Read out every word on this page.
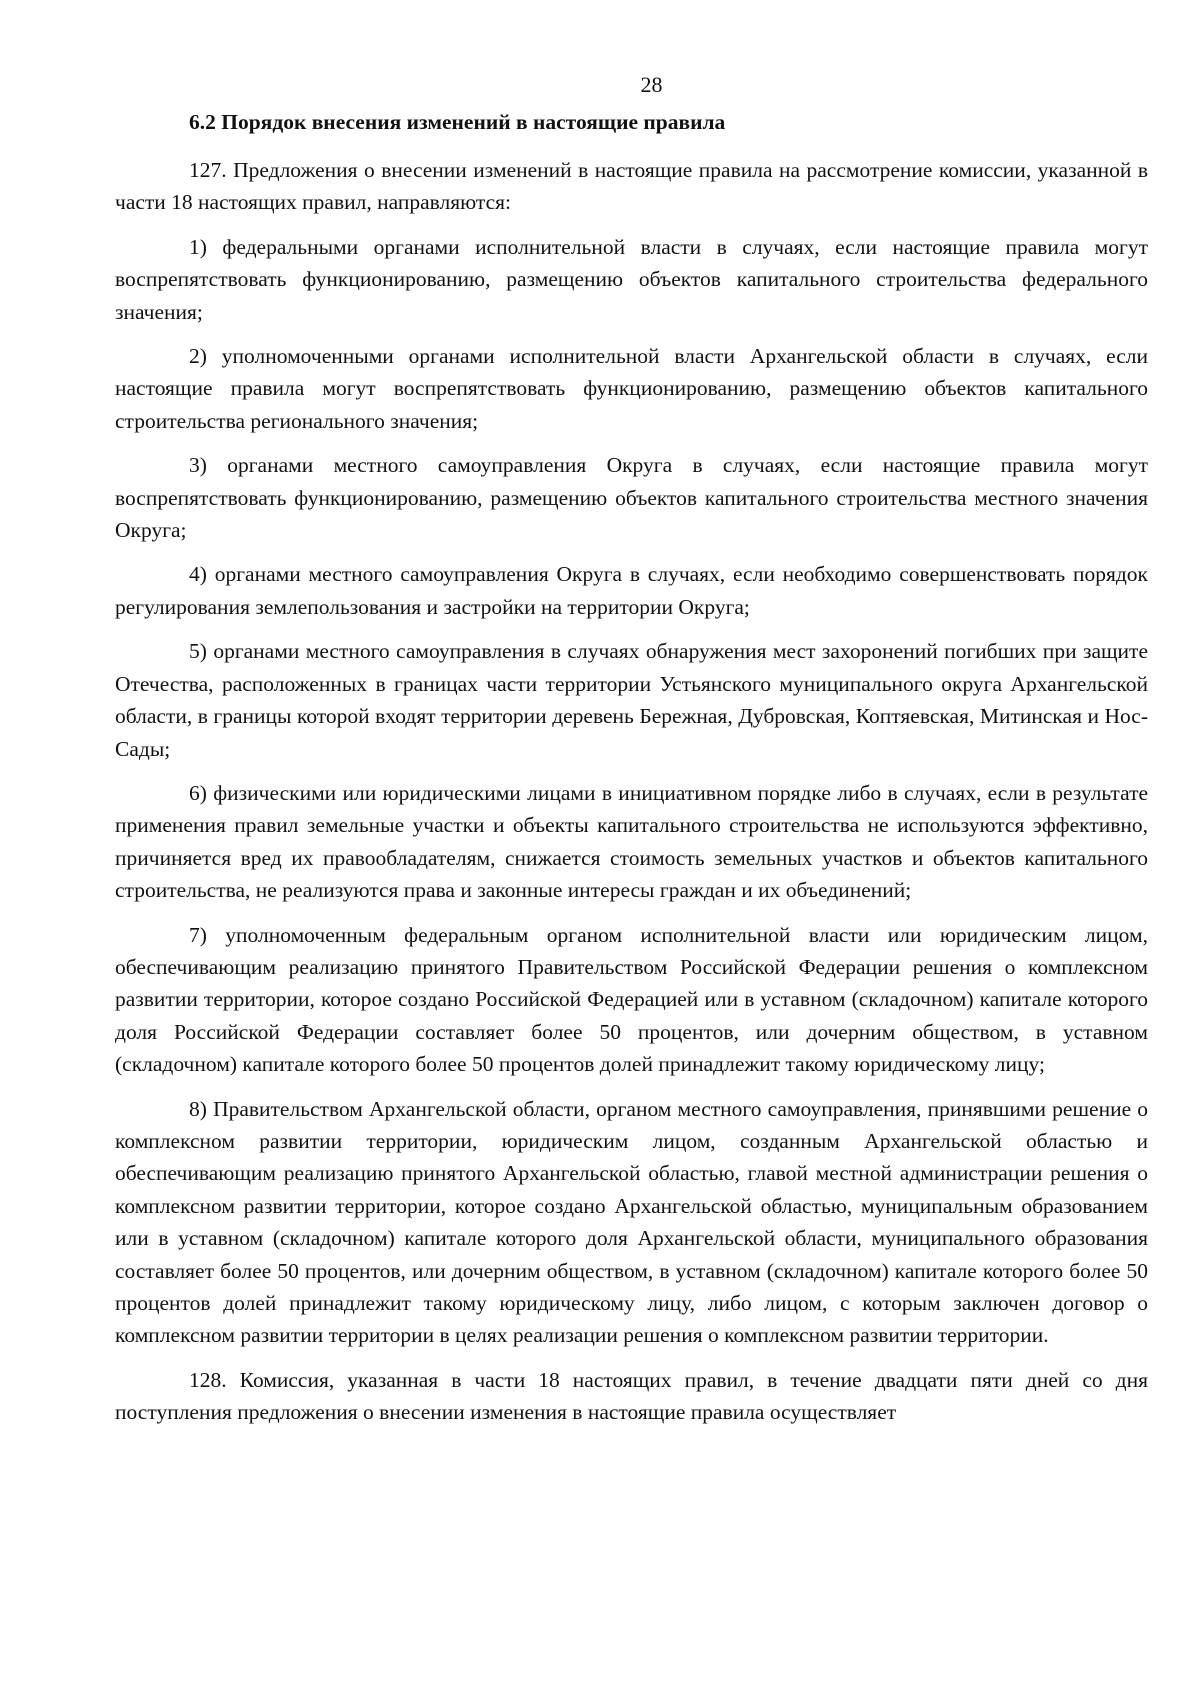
28
6.2 Порядок внесения изменений в настоящие правила
127. Предложения о внесении изменений в настоящие правила на рассмотрение комиссии, указанной в части 18 настоящих правил, направляются:
1) федеральными органами исполнительной власти в случаях, если настоящие правила могут воспрепятствовать функционированию, размещению объектов капитального строительства федерального значения;
2) уполномоченными органами исполнительной власти Архангельской области в случаях, если настоящие правила могут воспрепятствовать функционированию, размещению объектов капитального строительства регионального значения;
3) органами местного самоуправления Округа в случаях, если настоящие правила могут воспрепятствовать функционированию, размещению объектов капитального строительства местного значения Округа;
4) органами местного самоуправления Округа в случаях, если необходимо совершенствовать порядок регулирования землепользования и застройки на территории Округа;
5) органами местного самоуправления в случаях обнаружения мест захоронений погибших при защите Отечества, расположенных в границах части территории Устьянского муниципального округа Архангельской области, в границы которой входят территории деревень Бережная, Дубровская, Коптяевская, Митинская и Нос-Сады;
6) физическими или юридическими лицами в инициативном порядке либо в случаях, если в результате применения правил земельные участки и объекты капитального строительства не используются эффективно, причиняется вред их правообладателям, снижается стоимость земельных участков и объектов капитального строительства, не реализуются права и законные интересы граждан и их объединений;
7) уполномоченным федеральным органом исполнительной власти или юридическим лицом, обеспечивающим реализацию принятого Правительством Российской Федерации решения о комплексном развитии территории, которое создано Российской Федерацией или в уставном (складочном) капитале которого доля Российской Федерации составляет более 50 процентов, или дочерним обществом, в уставном (складочном) капитале которого более 50 процентов долей принадлежит такому юридическому лицу;
8) Правительством Архангельской области, органом местного самоуправления, принявшими решение о комплексном развитии территории, юридическим лицом, созданным Архангельской областью и обеспечивающим реализацию принятого Архангельской областью, главой местной администрации решения о комплексном развитии территории, которое создано Архангельской областью, муниципальным образованием или в уставном (складочном) капитале которого доля Архангельской области, муниципального образования составляет более 50 процентов, или дочерним обществом, в уставном (складочном) капитале которого более 50 процентов долей принадлежит такому юридическому лицу, либо лицом, с которым заключен договор о комплексном развитии территории в целях реализации решения о комплексном развитии территории.
128. Комиссия, указанная в части 18 настоящих правил, в течение двадцати пяти дней со дня поступления предложения о внесении изменения в настоящие правила осуществляет
